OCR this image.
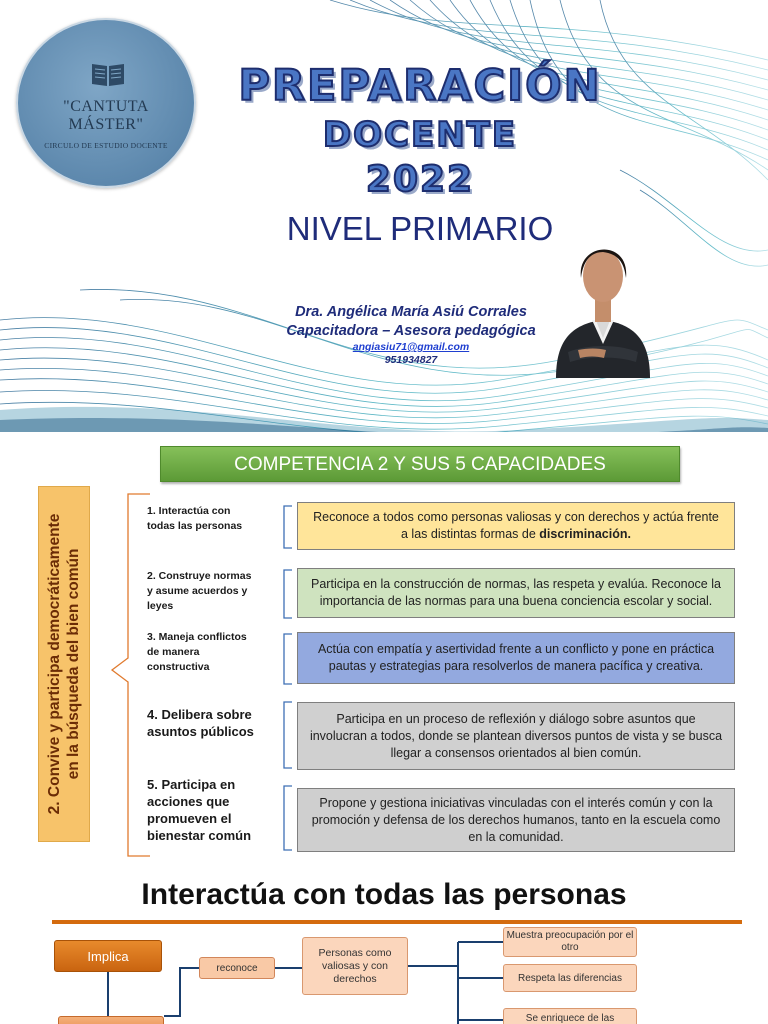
"CANTUTA
MÁSTER"
CIRCULO DE ESTUDIO DOCENTE
PREPARACIÓN
DOCENTE
2022
NIVEL PRIMARIO
Dra. Angélica María Asiú Corrales
Capacitadora – Asesora pedagógica
angiasiu71@gmail.com
951934827
COMPETENCIA 2 Y SUS 5 CAPACIDADES
2. Convive y participa democráticamente en la búsqueda del bien común
1. Interactúa con todas las personas
2. Construye normas y asume acuerdos y leyes
3. Maneja conflictos de manera constructiva
4. Delibera sobre asuntos públicos
5. Participa en acciones que promueven el bienestar común
Reconoce a todos como personas valiosas y con derechos y actúa frente a las distintas formas de discriminación.
Participa en la construcción de normas, las respeta y evalúa. Reconoce la importancia de las normas para una buena conciencia escolar y social.
Actúa con empatía y asertividad frente a un conflicto y pone en práctica pautas y estrategias para resolverlos de manera pacífica y creativa.
Participa en un proceso de reflexión y diálogo sobre asuntos que involucran a todos, donde se plantean diversos puntos de vista y se busca llegar a consensos orientados al bien común.
Propone y gestiona iniciativas vinculadas con el interés común y con la promoción y defensa de los derechos humanos, tanto en la escuela como en la comunidad.
Interactúa con todas las personas
Implica
reconoce
Personas como valiosas y con derechos
Muestra preocupación por el otro
Respeta las diferencias
Se enriquece de las
